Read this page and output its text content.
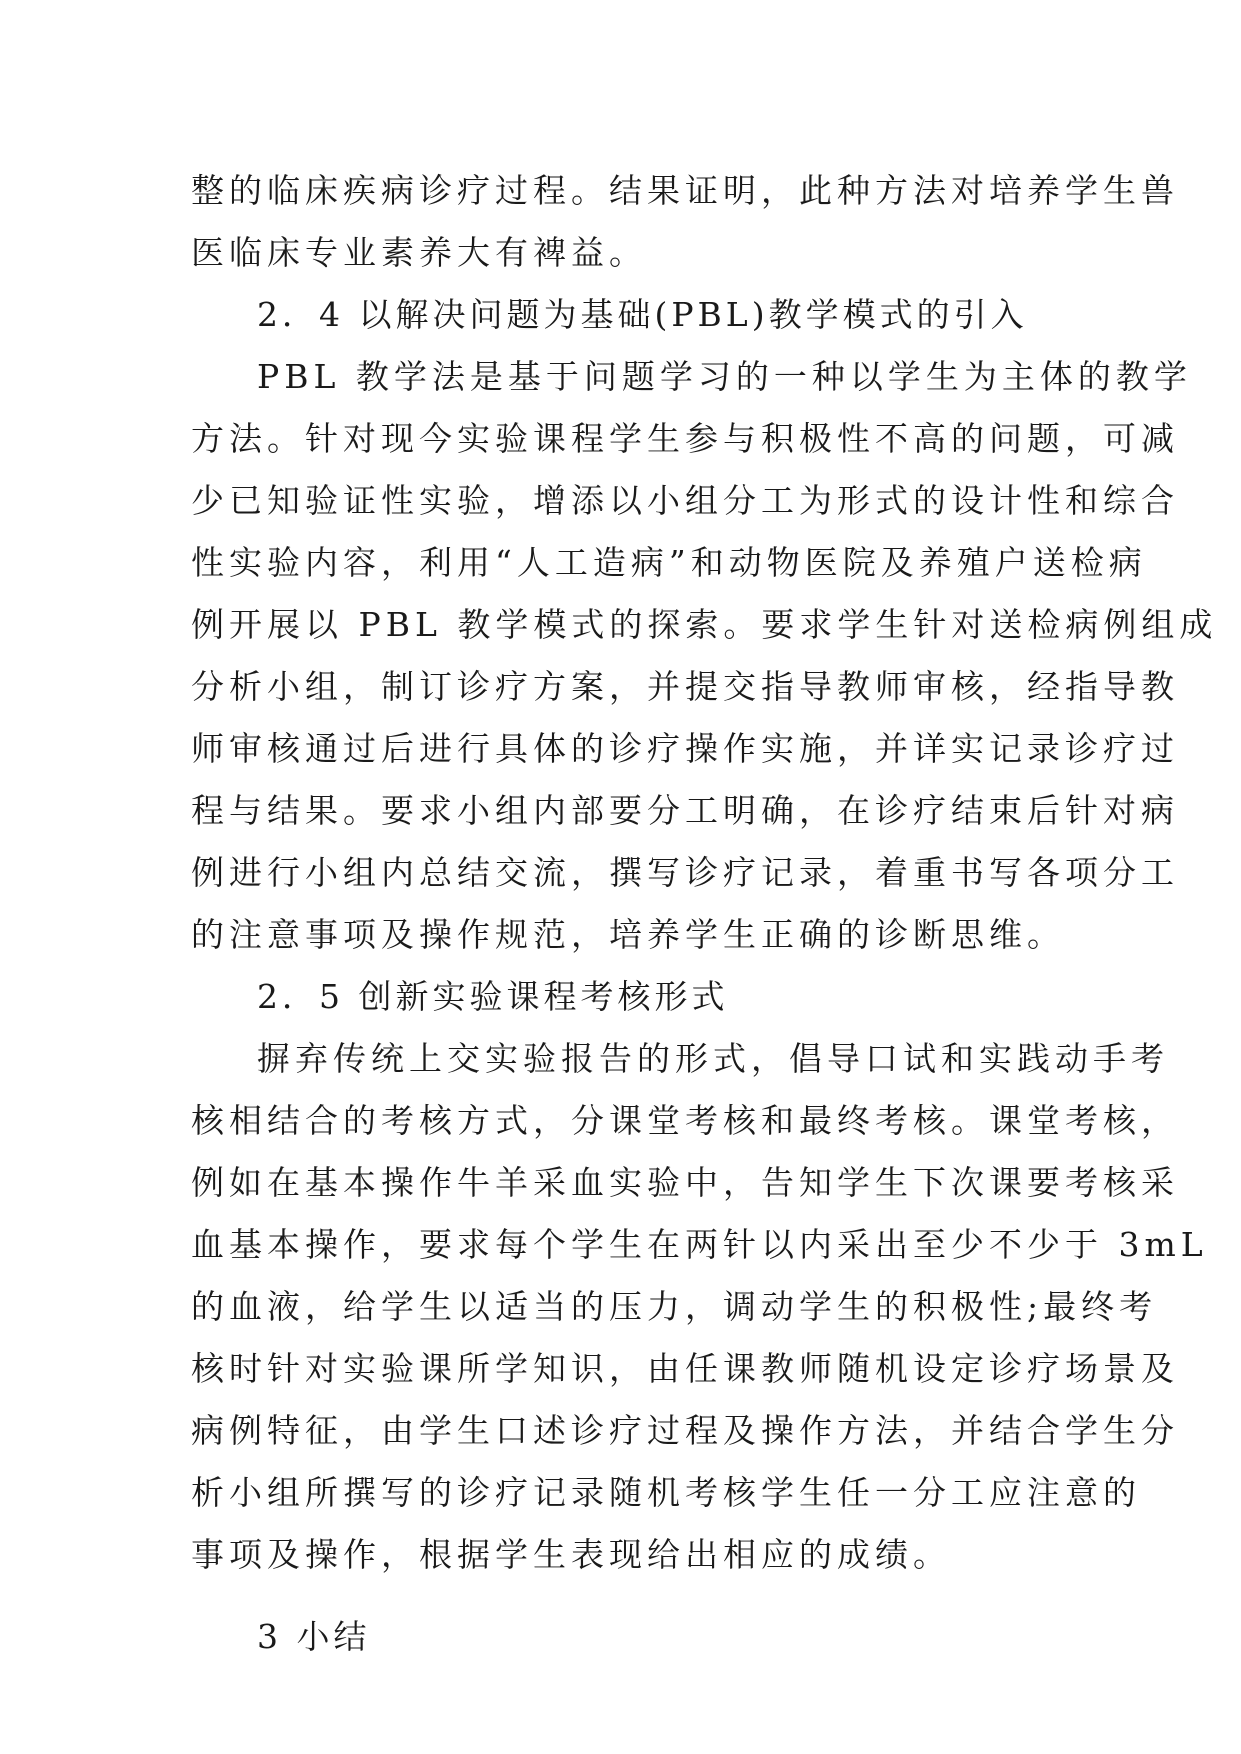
整的临床疾病诊疗过程。结果证明，此种方法对培养学生兽
医临床专业素养大有裨益。
2．4 以解决问题为基础(PBL)教学模式的引入
PBL 教学法是基于问题学习的一种以学生为主体的教学
方法。针对现今实验课程学生参与积极性不高的问题，可减
少已知验证性实验，增添以小组分工为形式的设计性和综合
性实验内容，利用“人工造病”和动物医院及养殖户送检病
例开展以 PBL 教学模式的探索。要求学生针对送检病例组成
分析小组，制订诊疗方案，并提交指导教师审核，经指导教
师审核通过后进行具体的诊疗操作实施，并详实记录诊疗过
程与结果。要求小组内部要分工明确，在诊疗结束后针对病
例进行小组内总结交流，撰写诊疗记录，着重书写各项分工
的注意事项及操作规范，培养学生正确的诊断思维。
2．5 创新实验课程考核形式
摒弃传统上交实验报告的形式，倡导口试和实践动手考
核相结合的考核方式，分课堂考核和最终考核。课堂考核，
例如在基本操作牛羊采血实验中，告知学生下次课要考核采
血基本操作，要求每个学生在两针以内采出至少不少于 3mL
的血液，给学生以适当的压力，调动学生的积极性;最终考
核时针对实验课所学知识，由任课教师随机设定诊疗场景及
病例特征，由学生口述诊疗过程及操作方法，并结合学生分
析小组所撰写的诊疗记录随机考核学生任一分工应注意的
事项及操作，根据学生表现给出相应的成绩。
3 小结
